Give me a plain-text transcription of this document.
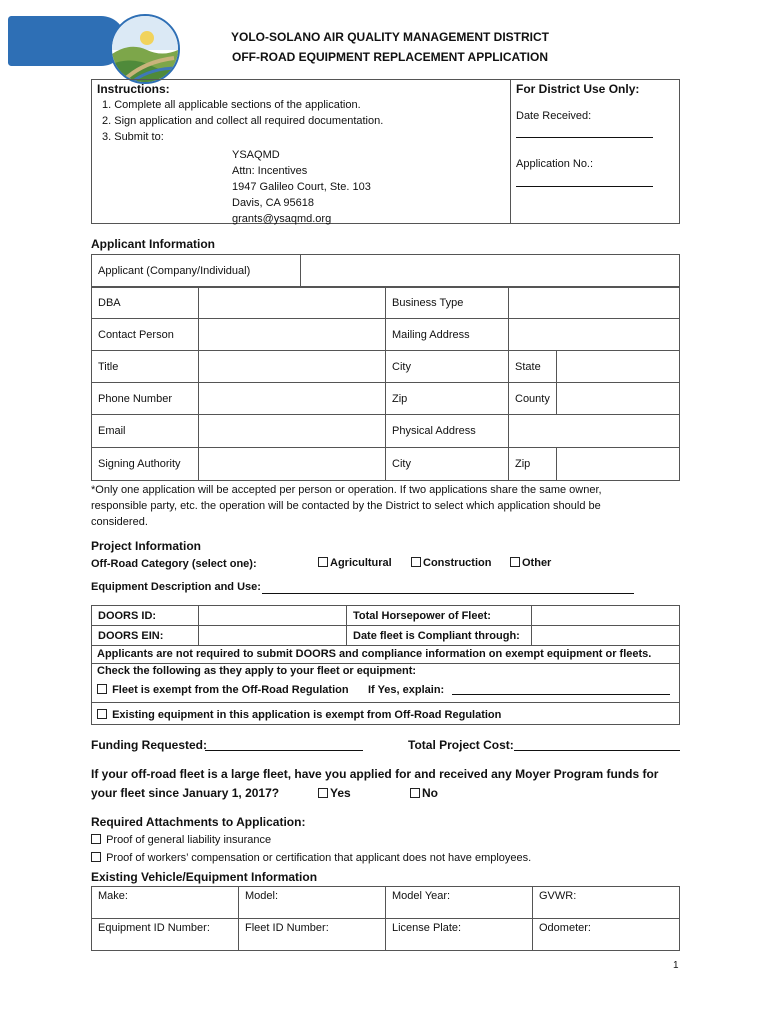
YOLO-SOLANO AIR QUALITY MANAGEMENT DISTRICT
OFF-ROAD EQUIPMENT REPLACEMENT APPLICATION
Instructions:
1. Complete all applicable sections of the application.
2. Sign application and collect all required documentation.
3. Submit to:
YSAQMD
Attn: Incentives
1947 Galileo Court, Ste. 103
Davis, CA 95618
grants@ysaqmd.org
For District Use Only:
Date Received:
Application No.:
Applicant Information
Applicant (Company/Individual)	
DBA		Business Type		
Contact Person		Mailing Address		
Title		City	State	
Phone Number		Zip	County	
Email		Physical Address		
Signing Authority		City	Zip	
*Only one application will be accepted per person or operation. If two applications share the same owner,
responsible party, etc. the operation will be contacted by the District to select which application should be
considered.
Project Information
Off-Road Category (select one):	Agricultural	Construction	Other
Equipment Description and Use:
DOORS ID:		Total Horsepower of Fleet:	
DOORS EIN:		Date fleet is Compliant through:	
Applicants are not required to submit DOORS and compliance information on exempt equipment or fleets.
Check the following as they apply to your fleet or equipment:
Fleet is exempt from the Off-Road Regulation If Yes, explain:
Existing equipment in this application is exempt from Off-Road Regulation
Funding Requested:	Total Project Cost:
If your off-road fleet is a large fleet, have you applied for and received any Moyer Program funds for
your fleet since January 1, 2017?	Yes	No
Required Attachments to Application:
Proof of general liability insurance
Proof of workers’ compensation or certification that applicant does not have employees.
Existing Vehicle/Equipment Information
Make:	Model:	Model Year:	GVWR:
Equipment ID Number:	Fleet ID Number:	License Plate:	Odometer:
1
